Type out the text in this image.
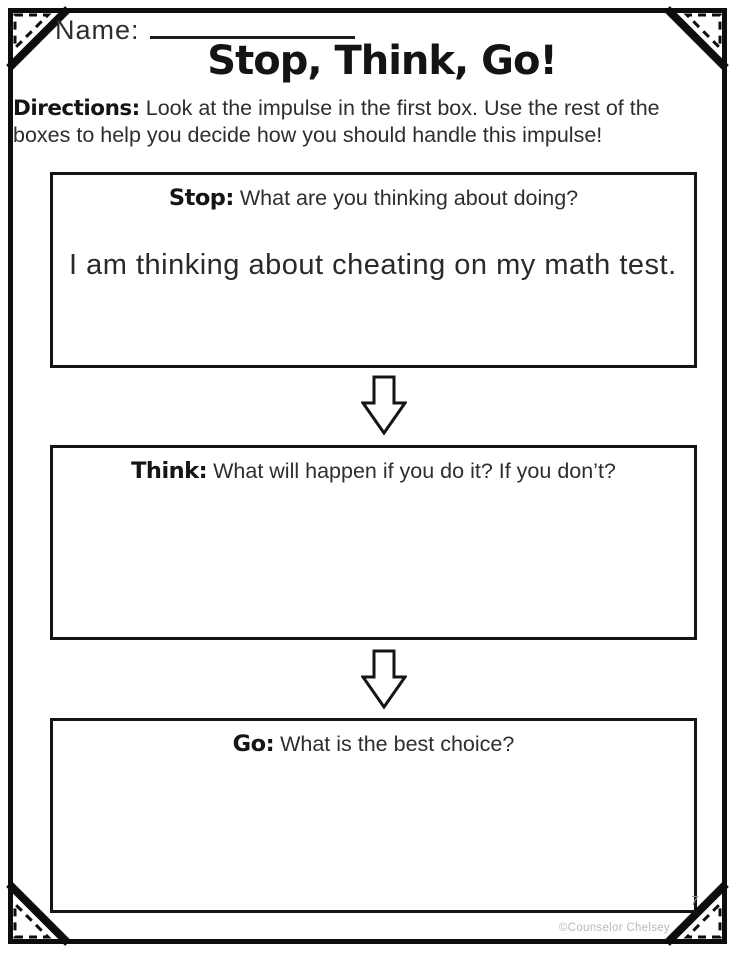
Name:
Stop, Think, Go!
Directions: Look at the impulse in the first box. Use the rest of the boxes to help you decide how you should handle this impulse!
Stop: What are you thinking about doing?
I am thinking about cheating on my math test.
Think: What will happen if you do it? If you don’t?
Go: What is the best choice?
7
©Counselor Chelsey
